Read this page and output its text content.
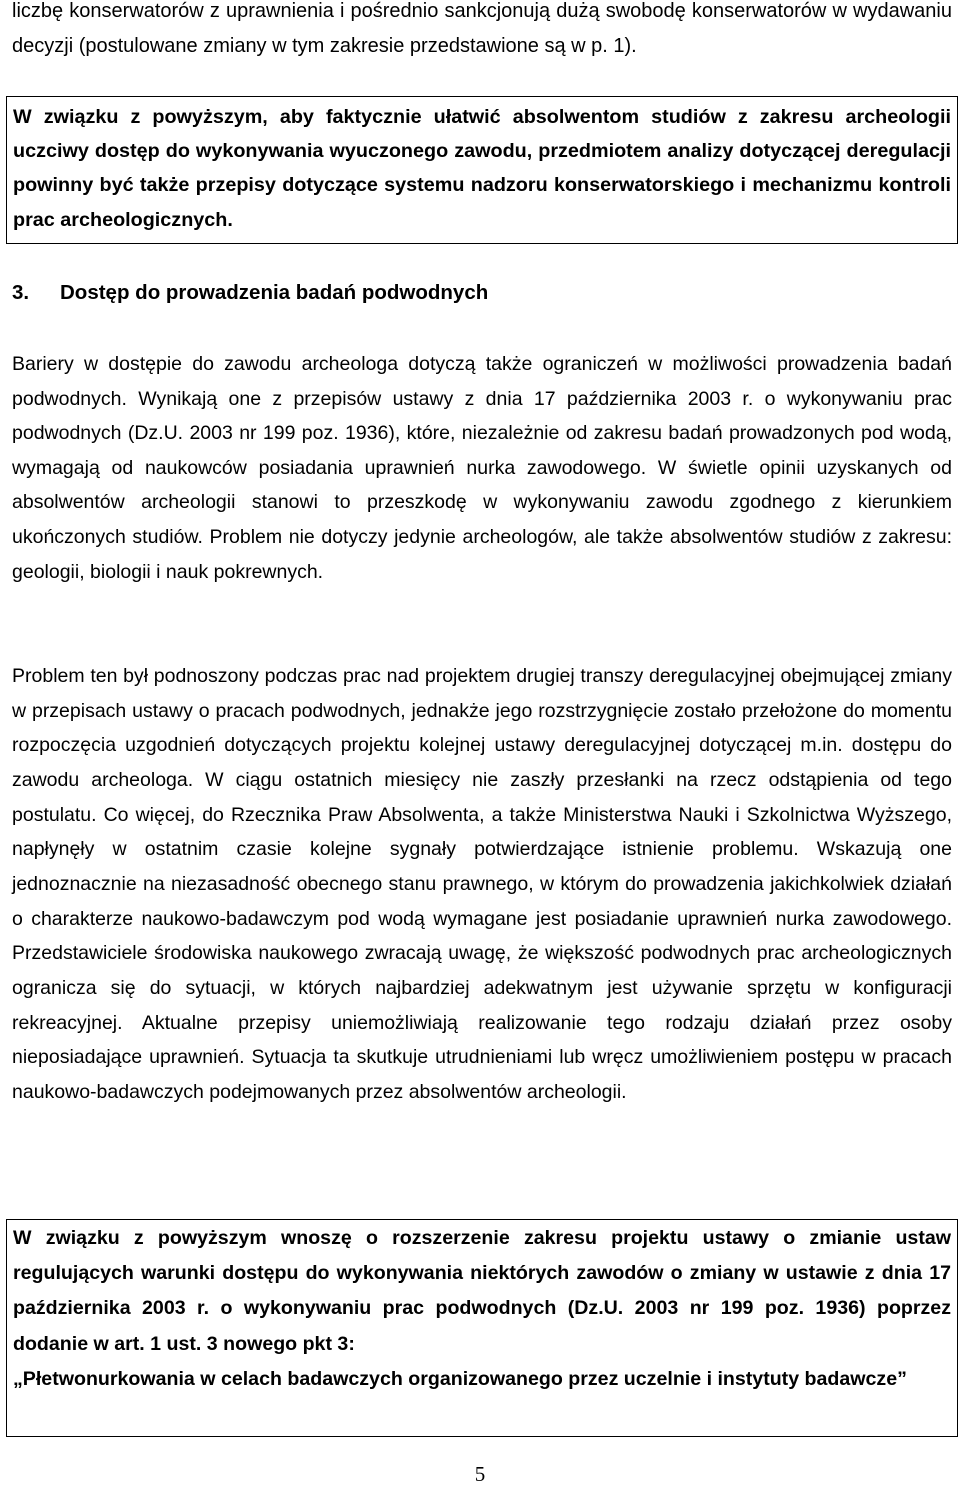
liczbę konserwatorów z uprawnienia i pośrednio sankcjonują dużą swobodę konserwatorów w wydawaniu decyzji (postulowane zmiany w tym zakresie przedstawione są w p. 1).

W związku z powyższym, aby faktycznie ułatwić absolwentom studiów z zakresu archeologii uczciwy dostęp do wykonywania wyuczonego zawodu, przedmiotem analizy dotyczącej deregulacji powinny być także przepisy dotyczące systemu nadzoru konserwatorskiego i mechanizmu kontroli prac archeologicznych.

3. Dostęp do prowadzenia badań podwodnych

Bariery w dostępie do zawodu archeologa dotyczą także ograniczeń w możliwości prowadzenia badań podwodnych. Wynikają one z przepisów ustawy z dnia 17 października 2003 r. o wykonywaniu prac podwodnych (Dz.U. 2003 nr 199 poz. 1936), które, niezależnie od zakresu badań prowadzonych pod wodą, wymagają od naukowców posiadania uprawnień nurka zawodowego. W świetle opinii uzyskanych od absolwentów archeologii stanowi to przeszkodę w wykonywaniu zawodu zgodnego z kierunkiem ukończonych studiów. Problem nie dotyczy jedynie archeologów, ale także absolwentów studiów z zakresu: geologii, biologii i nauk pokrewnych.

Problem ten był podnoszony podczas prac nad projektem drugiej transzy deregulacyjnej obejmującej zmiany w przepisach ustawy o pracach podwodnych, jednakże jego rozstrzygnięcie zostało przełożone do momentu rozpoczęcia uzgodnień dotyczących projektu kolejnej ustawy deregulacyjnej dotyczącej m.in. dostępu do zawodu archeologa. W ciągu ostatnich miesięcy nie zaszły przesłanki na rzecz odstąpienia od tego postulatu. Co więcej, do Rzecznika Praw Absolwenta, a także Ministerstwa Nauki i Szkolnictwa Wyższego, napłynęły w ostatnim czasie kolejne sygnały potwierdzające istnienie problemu. Wskazują one jednoznacznie na niezasadność obecnego stanu prawnego, w którym do prowadzenia jakichkolwiek działań o charakterze naukowo-badawczym pod wodą wymagane jest posiadanie uprawnień nurka zawodowego. Przedstawiciele środowiska naukowego zwracają uwagę, że większość podwodnych prac archeologicznych ogranicza się do sytuacji, w których najbardziej adekwatnym jest używanie sprzętu w konfiguracji rekreacyjnej. Aktualne przepisy uniemożliwiają realizowanie tego rodzaju działań przez osoby nieposiadające uprawnień. Sytuacja ta skutkuje utrudnieniami lub wręcz umożliwieniem postępu w pracach naukowo-badawczych podejmowanych przez absolwentów archeologii.

W związku z powyższym wnoszę o rozszerzenie zakresu projektu ustawy o zmianie ustaw regulujących warunki dostępu do wykonywania niektórych zawodów o zmiany w ustawie z dnia 17 października 2003 r. o wykonywaniu prac podwodnych (Dz.U. 2003 nr 199 poz. 1936) poprzez dodanie w art. 1 ust. 3 nowego pkt 3:

„Płetwonurkowania w celach badawczych organizowanego przez uczelnie i instytuty badawcze”

5
